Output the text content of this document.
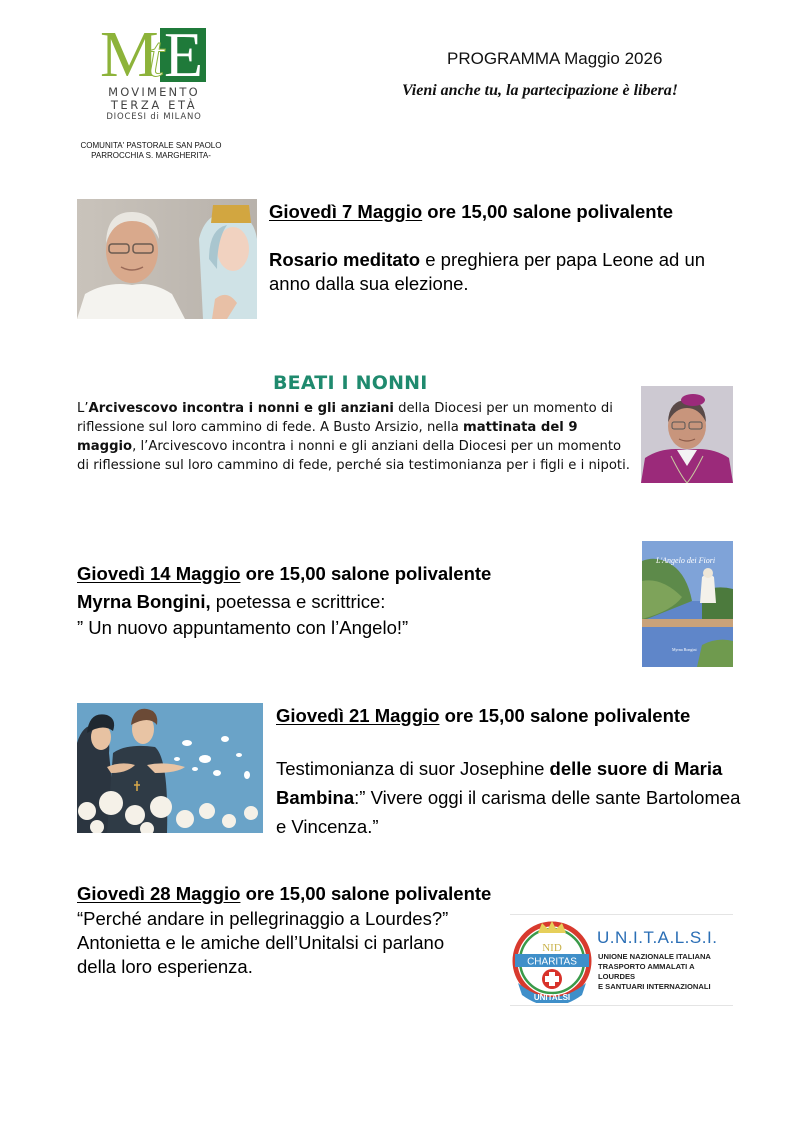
M E
t
MOVIMENTO
TERZA ETÀ
DIOCESI di MILANO
COMUNITA' PASTORALE SAN PAOLO
PARROCCHIA S. MARGHERITA-
PROGRAMMA Maggio 2026
Vieni anche tu, la partecipazione è libera!
Giovedì 7 Maggio ore 15,00 salone polivalente
Rosario meditato e preghiera per papa Leone ad un anno dalla sua elezione.
BEATI I NONNI
L’Arcivescovo incontra i nonni e gli anziani della Diocesi per un momento di riflessione sul loro cammino di fede. A Busto Arsizio, nella mattinata del 9 maggio, l’Arcivescovo incontra i nonni e gli anziani della Diocesi per un momento di riflessione sul loro cammino di fede, perché sia testimonianza per i figli e i nipoti.
Giovedì 14 Maggio ore 15,00 salone polivalente
Myrna Bongini, poetessa e scrittrice:
” Un nuovo appuntamento con l’Angelo!”
L'Angelo dei Fiori
Myrna Bongini
Giovedì 21 Maggio ore 15,00 salone polivalente
Testimonianza di suor Josephine delle suore di Maria Bambina:” Vivere oggi il carisma delle sante Bartolomea e Vincenza.”
Giovedì 28 Maggio ore 15,00 salone polivalente
“Perché andare in pellegrinaggio a Lourdes?”
Antonietta e le amiche dell’Unitalsi ci parlano della loro esperienza.
NID
CHARITAS
UNITALSI
U.N.I.T.A.L.S.I.
UNIONE NAZIONALE ITALIANA
TRASPORTO AMMALATI A LOURDES
E SANTUARI INTERNAZIONALI
